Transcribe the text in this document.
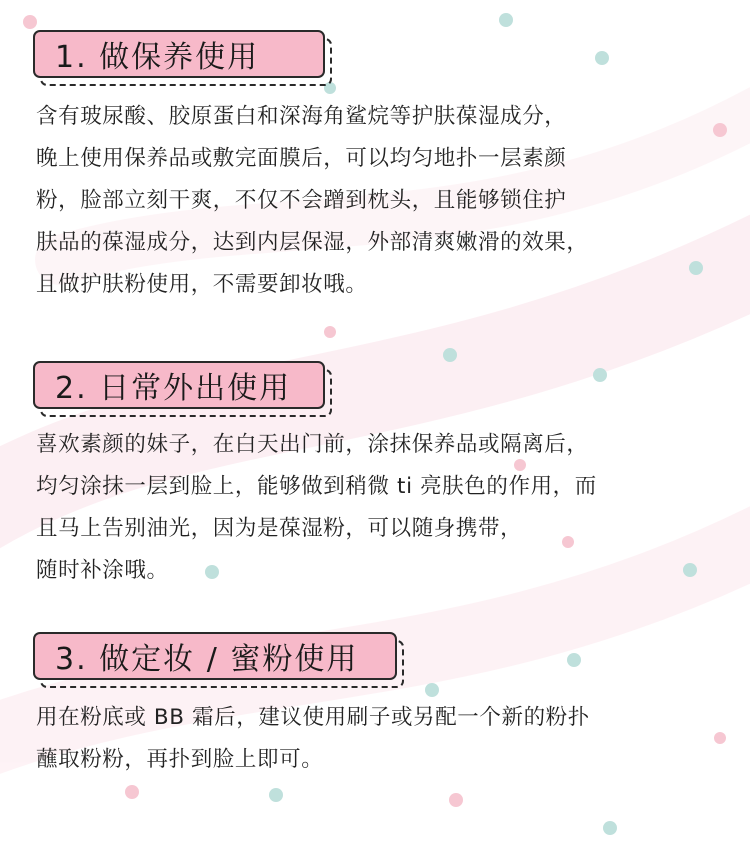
1. 做保养使用

含有玻尿酸、胶原蛋白和深海角鲨烷等护肤葆湿成分，

晚上使用保养品或敷完面膜后，可以均匀地扑一层素颜

粉，脸部立刻干爽，不仅不会蹭到枕头，且能够锁住护

肤品的葆湿成分，达到内层保湿，外部清爽嫩滑的效果，

且做护肤粉使用，不需要卸妆哦。

2. 日常外出使用

喜欢素颜的妹子，在白天出门前，涂抹保养品或隔离后，

均匀涂抹一层到脸上，能够做到稍微 ti 亮肤色的作用，而

且马上告别油光，因为是葆湿粉，可以随身携带，

随时补涂哦。

3. 做定妆 / 蜜粉使用

用在粉底或 BB 霜后，建议使用刷子或另配一个新的粉扑

蘸取粉粉，再扑到脸上即可。
